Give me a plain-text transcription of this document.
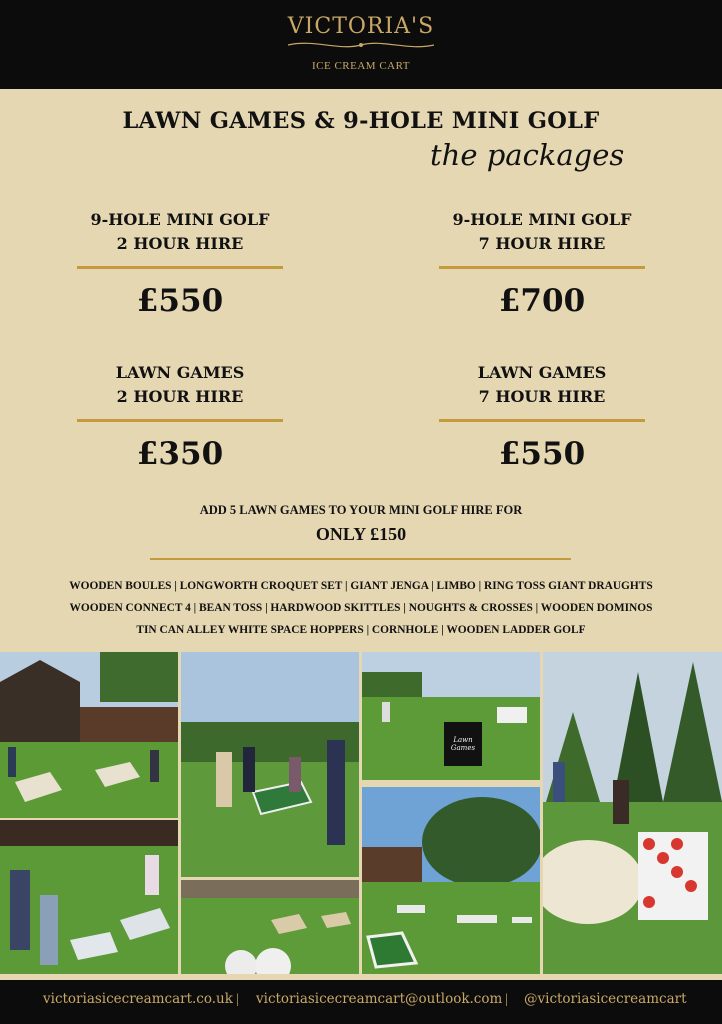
VICTORIA'S
ICE CREAM CART
LAWN GAMES & 9-HOLE MINI GOLF
the packages
9-HOLE MINI GOLF
2 HOUR HIRE
£550
9-HOLE MINI GOLF
7 HOUR HIRE
£700
LAWN GAMES
2 HOUR HIRE
£350
LAWN GAMES
7 HOUR HIRE
£550
ADD 5 LAWN GAMES TO YOUR MINI GOLF HIRE FOR
ONLY £150
WOODEN BOULES | LONGWORTH CROQUET SET | GIANT JENGA | LIMBO | RING TOSS GIANT DRAUGHTS
WOODEN CONNECT 4 | BEAN TOSS | HARDWOOD SKITTLES | NOUGHTS & CROSSES | WOODEN DOMINOS
TIN CAN ALLEY WHITE SPACE HOPPERS | CORNHOLE | WOODEN LADDER GOLF
Lawn Games
victoriasicecreamcart.co.uk | victoriasicecreamcart@outlook.com | @victoriasicecreamcart
